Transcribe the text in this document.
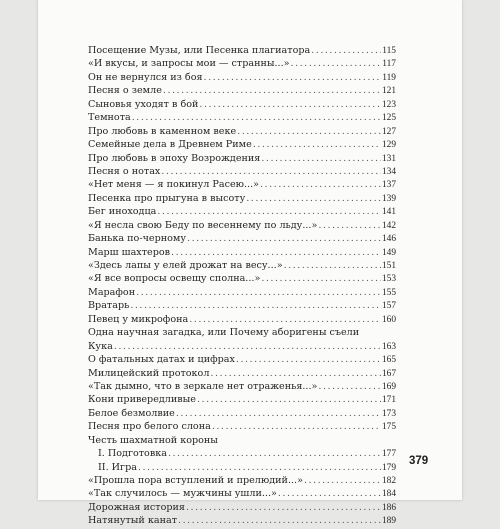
Посещение Музы, или Песенка плагиатора .....	115
«И вкусы, и запросы мои — странны...» .....	117
Он не вернулся из боя .....	119
Песня о земле .....	121
Сыновья уходят в бой .....	123
Темнота .....	125
Про любовь в каменном веке .....	127
Семейные дела в Древнем Риме .....	129
Про любовь в эпоху Возрождения .....	131
Песня о нотах .....	134
«Нет меня — я покинул Расею...» .....	137
Песенка про прыгуна в высоту .....	139
Бег иноходца .....	141
«Я несла свою Беду по весеннему по льду...» .....	142
Банька по-черному .....	146
Марш шахтеров .....	149
«Здесь лапы у елей дрожат на весу...» .....	151
«Я все вопросы освещу сполна...» .....	153
Марафон .....	155
Вратарь .....	157
Певец у микрофона .....	160
Одна научная загадка, или Почему аборигены съели
Кука .....	163
О фатальных датах и цифрах .....	165
Милицейский протокол .....	167
«Так дымно, что в зеркале нет отраженья...» .....	169
Кони привередливые .....	171
Белое безмолвие .....	173
Песня про белого слона .....	175
Честь шахматной короны
I. Подготовка .....	177
II. Игра .....	179
«Прошла пора вступлений и прелюдий...» .....	182
«Так случилось — мужчины ушли...» .....	184
Дорожная история .....	186
Натянутый канат .....	189
379
